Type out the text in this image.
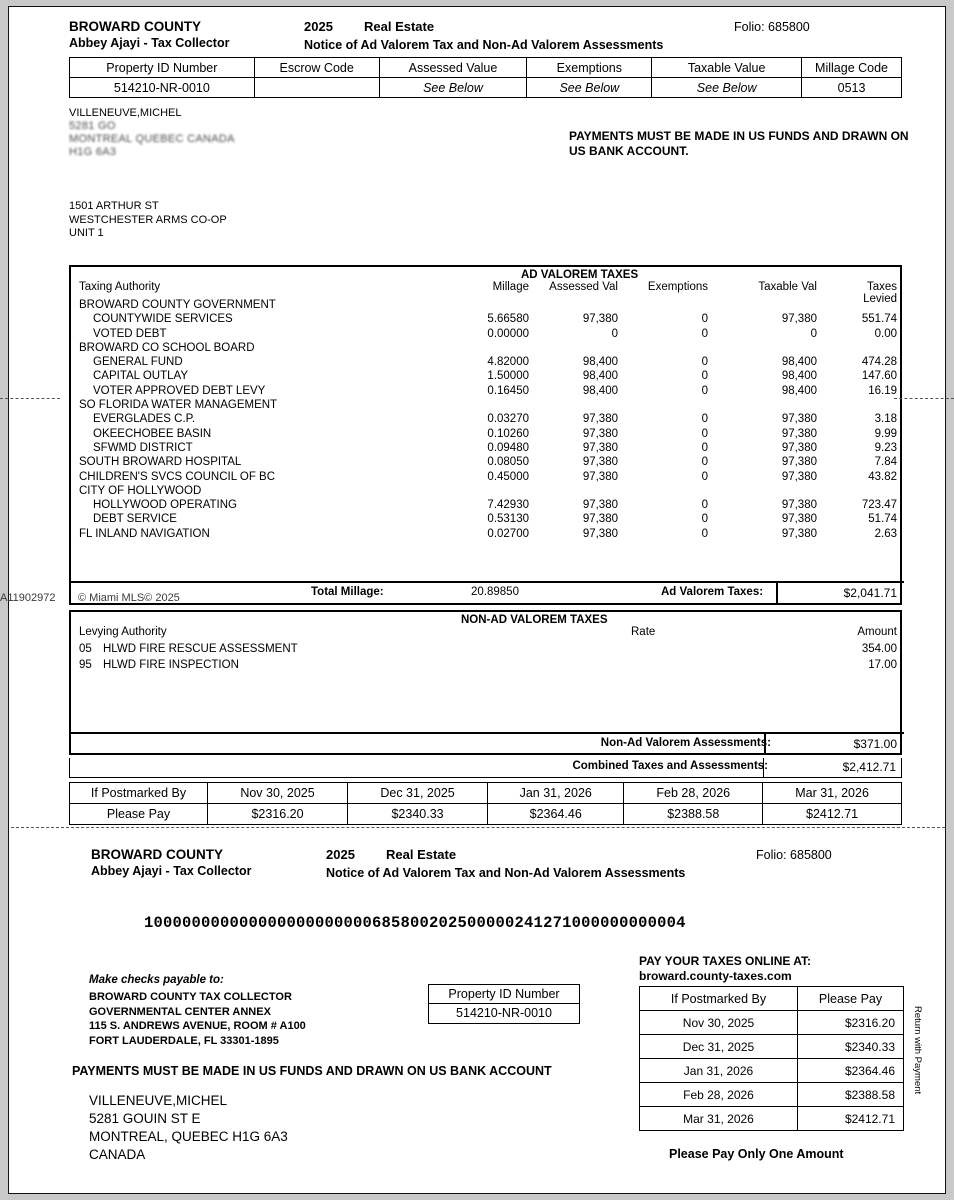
BROWARD COUNTY
Abbey Ajayi - Tax Collector
2025 Real Estate
Notice of Ad Valorem Tax and Non-Ad Valorem Assessments
Folio: 685800
Property ID Number	Escrow Code	Assessed Value	Exemptions	Taxable Value	Millage Code
514210-NR-0010		See Below	See Below	See Below	0513
VILLENEUVE,MICHEL
5281 GO
MONTREAL QUEBEC CANADA
H1G 6A3
PAYMENTS MUST BE MADE IN US FUNDS AND DRAWN ON US BANK ACCOUNT.
1501 ARTHUR ST
WESTCHESTER ARMS CO-OP
UNIT 1
AD VALOREM TAXES
Taxing Authority	Millage	Assessed Val	Exemptions	Taxable Val	Taxes Levied
BROWARD COUNTY GOVERNMENT
COUNTYWIDE SERVICES	5.66580	97,380	0	97,380	551.74
VOTED DEBT	0.00000	0	0	0	0.00
BROWARD CO SCHOOL BOARD
GENERAL FUND	4.82000	98,400	0	98,400	474.28
CAPITAL OUTLAY	1.50000	98,400	0	98,400	147.60
VOTER APPROVED DEBT LEVY	0.16450	98,400	0	98,400	16.19
SO FLORIDA WATER MANAGEMENT
EVERGLADES C.P.	0.03270	97,380	0	97,380	3.18
OKEECHOBEE BASIN	0.10260	97,380	0	97,380	9.99
SFWMD DISTRICT	0.09480	97,380	0	97,380	9.23
SOUTH BROWARD HOSPITAL	0.08050	97,380	0	97,380	7.84
CHILDREN'S SVCS COUNCIL OF BC	0.45000	97,380	0	97,380	43.82
CITY OF HOLLYWOOD
HOLLYWOOD OPERATING	7.42930	97,380	0	97,380	723.47
DEBT SERVICE	0.53130	97,380	0	97,380	51.74
FL INLAND NAVIGATION	0.02700	97,380	0	97,380	2.63
Total Millage:	20.89850	Ad Valorem Taxes:	$2,041.71
NON-AD VALOREM TAXES
Levying Authority	Rate	Amount
05 HLWD FIRE RESCUE ASSESSMENT	354.00
95 HLWD FIRE INSPECTION	17.00
Non-Ad Valorem Assessments:	$371.00
Combined Taxes and Assessments:	$2,412.71
If Postmarked By	Nov 30, 2025	Dec 31, 2025	Jan 31, 2026	Feb 28, 2026	Mar 31, 2026
Please Pay	$2316.20	$2340.33	$2364.46	$2388.58	$2412.71
BROWARD COUNTY
Abbey Ajayi - Tax Collector
2025 Real Estate
Notice of Ad Valorem Tax and Non-Ad Valorem Assessments
Folio: 685800
100000000000000000000000685800202500000241271000000000004
Make checks payable to:
BROWARD COUNTY TAX COLLECTOR
GOVERNMENTAL CENTER ANNEX
115 S. ANDREWS AVENUE, ROOM # A100
FORT LAUDERDALE, FL 33301-1895
PAYMENTS MUST BE MADE IN US FUNDS AND DRAWN ON US BANK ACCOUNT
VILLENEUVE,MICHEL
5281 GOUIN ST E
MONTREAL, QUEBEC H1G 6A3
CANADA
Property ID Number
514210-NR-0010
PAY YOUR TAXES ONLINE AT:
broward.county-taxes.com
If Postmarked By	Please Pay
Nov 30, 2025	$2316.20
Dec 31, 2025	$2340.33
Jan 31, 2026	$2364.46
Feb 28, 2026	$2388.58
Mar 31, 2026	$2412.71
Please Pay Only One Amount
Return with Payment
A11902972 © Miami MLS© 2025
